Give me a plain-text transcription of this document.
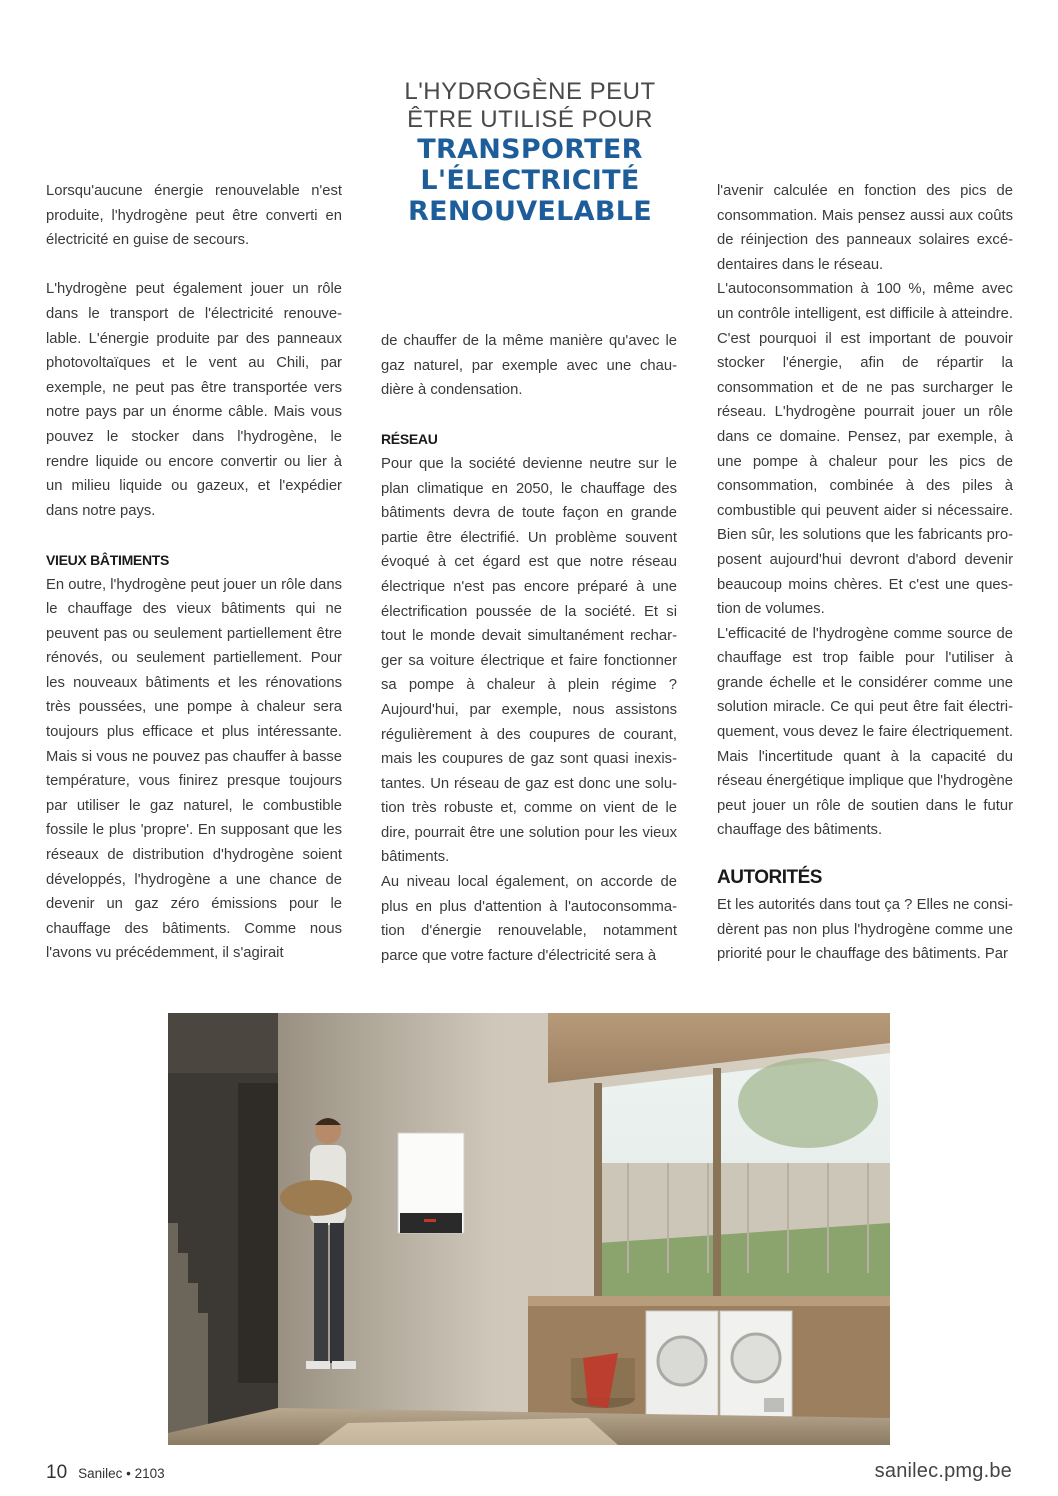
L'HYDROGÈNE PEUT
ÊTRE UTILISÉ POUR
TRANSPORTER
L'ÉLECTRICITÉ
RENOUVELABLE

Lorsqu'aucune énergie renouvelable n'est produite, l'hydrogène peut être converti en électricité en guise de secours.

L'hydrogène peut également jouer un rôle dans le transport de l'électricité renouvelable. L'énergie produite par des panneaux photovoltaïques et le vent au Chili, par exemple, ne peut pas être transportée vers notre pays par un énorme câble. Mais vous pouvez le stocker dans l'hydrogène, le rendre liquide ou encore convertir ou lier à un milieu liquide ou gazeux, et l'expédier dans notre pays.

VIEUX BÂTIMENTS

En outre, l'hydrogène peut jouer un rôle dans le chauffage des vieux bâtiments qui ne peuvent pas ou seulement partiellement être rénovés, ou seulement partiellement. Pour les nouveaux bâtiments et les rénovations très poussées, une pompe à chaleur sera toujours plus efficace et plus intéressante. Mais si vous ne pouvez pas chauffer à basse température, vous finirez presque toujours par utiliser le gaz naturel, le combustible fossile le plus 'propre'. En supposant que les réseaux de distribution d'hydrogène soient développés, l'hydrogène a une chance de devenir un gaz zéro émissions pour le chauffage des bâtiments. Comme nous l'avons vu précédemment, il s'agirait

de chauffer de la même manière qu'avec le gaz naturel, par exemple avec une chaudière à condensation.

RÉSEAU

Pour que la société devienne neutre sur le plan climatique en 2050, le chauffage des bâtiments devra de toute façon en grande partie être électrifié. Un problème souvent évoqué à cet égard est que notre réseau électrique n'est pas encore préparé à une électrification poussée de la société. Et si tout le monde devait simultanément recharger sa voiture électrique et faire fonctionner sa pompe à chaleur à plein régime ? Aujourd'hui, par exemple, nous assistons régulièrement à des coupures de courant, mais les coupures de gaz sont quasi inexistantes. Un réseau de gaz est donc une solution très robuste et, comme on vient de le dire, pourrait être une solution pour les vieux bâtiments.

Au niveau local également, on accorde de plus en plus d'attention à l'autoconsommation d'énergie renouvelable, notamment parce que votre facture d'électricité sera à

l'avenir calculée en fonction des pics de consommation. Mais pensez aussi aux coûts de réinjection des panneaux solaires excédentaires dans le réseau.

L'autoconsommation à 100 %, même avec un contrôle intelligent, est difficile à atteindre. C'est pourquoi il est important de pouvoir stocker l'énergie, afin de répartir la consommation et de ne pas surcharger le réseau. L'hydrogène pourrait jouer un rôle dans ce domaine. Pensez, par exemple, à une pompe à chaleur pour les pics de consommation, combinée à des piles à combustible qui peuvent aider si nécessaire. Bien sûr, les solutions que les fabricants proposent aujourd'hui devront d'abord devenir beaucoup moins chères. Et c'est une question de volumes.

L'efficacité de l'hydrogène comme source de chauffage est trop faible pour l'utiliser à grande échelle et le considérer comme une solution miracle. Ce qui peut être fait électriquement, vous devez le faire électriquement. Mais l'incertitude quant à la capacité du réseau énergétique implique que l'hydrogène peut jouer un rôle de soutien dans le futur chauffage des bâtiments.

AUTORITÉS

Et les autorités dans tout ça ? Elles ne considèrent pas non plus l'hydrogène comme une priorité pour le chauffage des bâtiments. Par

10 Sanilec • 2103	sanilec.pmg.be
